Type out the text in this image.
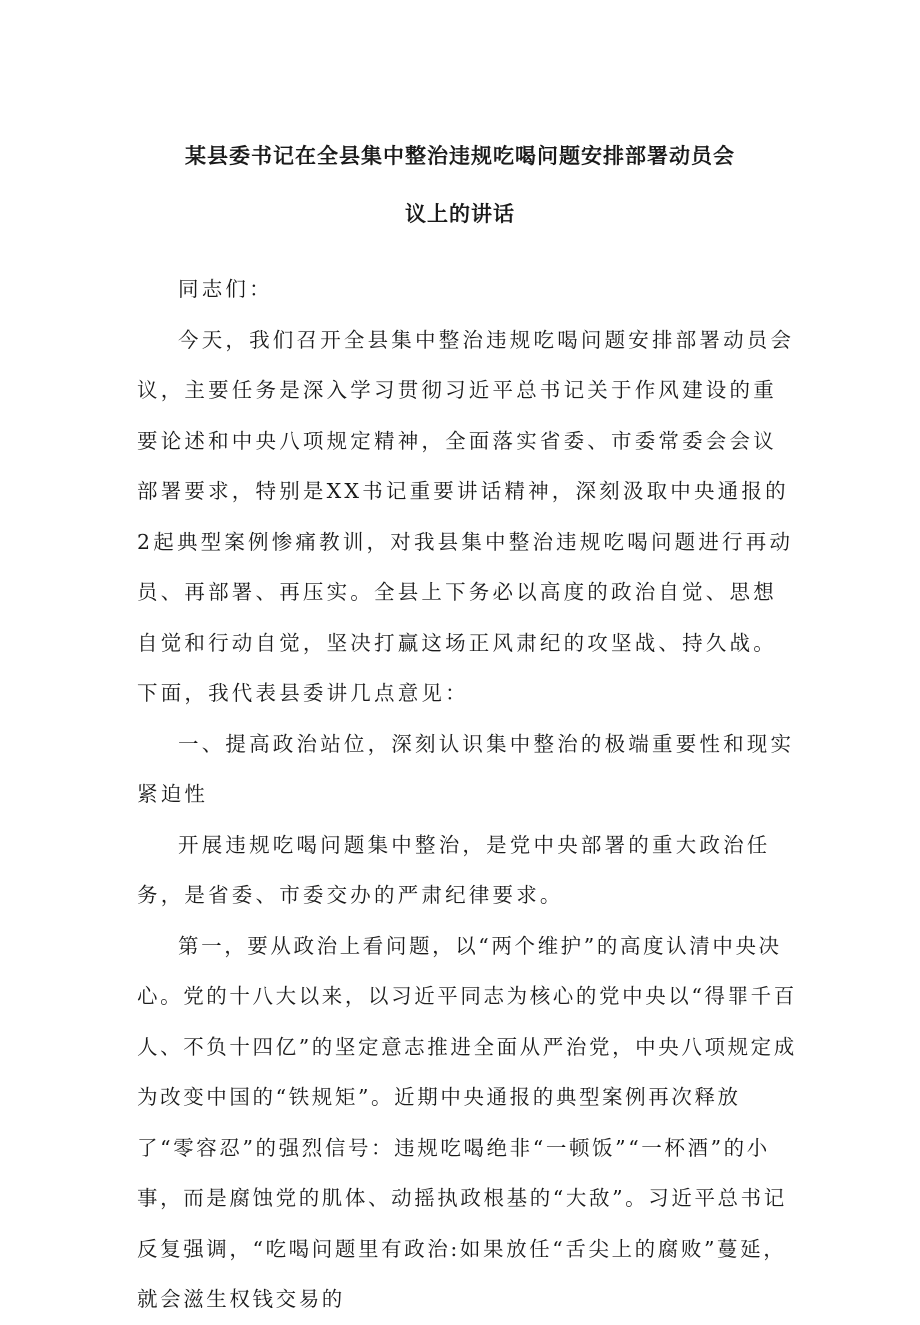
某县委书记在全县集中整治违规吃喝问题安排部署动员会
议上的讲话

同志们：

今天，我们召开全县集中整治违规吃喝问题安排部署动员会议，主要任务是深入学习贯彻习近平总书记关于作风建设的重要论述和中央八项规定精神，全面落实省委、市委常委会会议部署要求，特别是XX书记重要讲话精神，深刻汲取中央通报的2起典型案例惨痛教训，对我县集中整治违规吃喝问题进行再动员、再部署、再压实。全县上下务必以高度的政治自觉、思想自觉和行动自觉，坚决打赢这场正风肃纪的攻坚战、持久战。下面，我代表县委讲几点意见：

一、提高政治站位，深刻认识集中整治的极端重要性和现实紧迫性

开展违规吃喝问题集中整治，是党中央部署的重大政治任务，是省委、市委交办的严肃纪律要求。

第一，要从政治上看问题，以“两个维护”的高度认清中央决心。党的十八大以来，以习近平同志为核心的党中央以“得罪千百人、不负十四亿”的坚定意志推进全面从严治党，中央八项规定成为改变中国的“铁规矩”。近期中央通报的典型案例再次释放了“零容忍”的强烈信号：违规吃喝绝非“一顿饭”“一杯酒”的小事，而是腐蚀党的肌体、动摇执政根基的“大敌”。习近平总书记反复强调，“吃喝问题里有政治:如果放任“舌尖上的腐败”蔓延，就会滋生权钱交易的
